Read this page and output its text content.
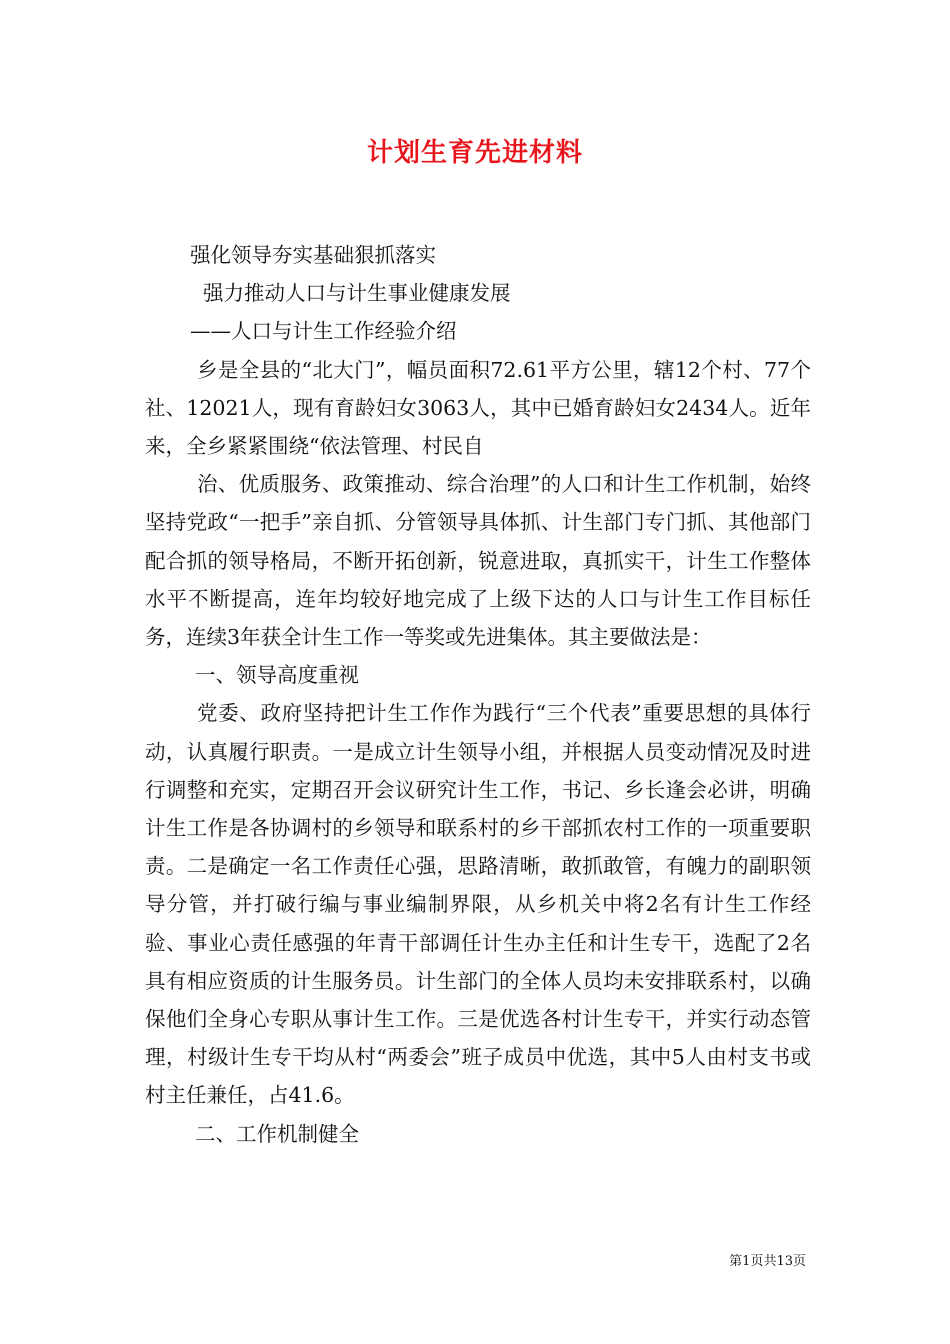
计划生育先进材料

强化领导夯实基础狠抓落实

强力推动人口与计生事业健康发展

——人口与计生工作经验介绍

乡是全县的“北大门”，幅员面积72.61平方公里，辖12个村、77个社、12021人，现有育龄妇女3063人，其中已婚育龄妇女2434人。近年来，全乡紧紧围绕“依法管理、村民自

治、优质服务、政策推动、综合治理”的人口和计生工作机制，始终坚持党政“一把手”亲自抓、分管领导具体抓、计生部门专门抓、其他部门配合抓的领导格局，不断开拓创新，锐意进取，真抓实干，计生工作整体水平不断提高，连年均较好地完成了上级下达的人口与计生工作目标任务，连续3年获全计生工作一等奖或先进集体。其主要做法是：

一、领导高度重视

党委、政府坚持把计生工作作为践行“三个代表”重要思想的具体行动，认真履行职责。一是成立计生领导小组，并根据人员变动情况及时进行调整和充实，定期召开会议研究计生工作，书记、乡长逢会必讲，明确计生工作是各协调村的乡领导和联系村的乡干部抓农村工作的一项重要职责。二是确定一名工作责任心强，思路清晰，敢抓敢管，有魄力的副职领导分管，并打破行编与事业编制界限，从乡机关中将2名有计生工作经验、事业心责任感强的年青干部调任计生办主任和计生专干，选配了2名具有相应资质的计生服务员。计生部门的全体人员均未安排联系村，以确保他们全身心专职从事计生工作。三是优选各村计生专干，并实行动态管理，村级计生专干均从村“两委会”班子成员中优选，其中5人由村支书或村主任兼任，占41.6。

二、工作机制健全

第1页共13页
